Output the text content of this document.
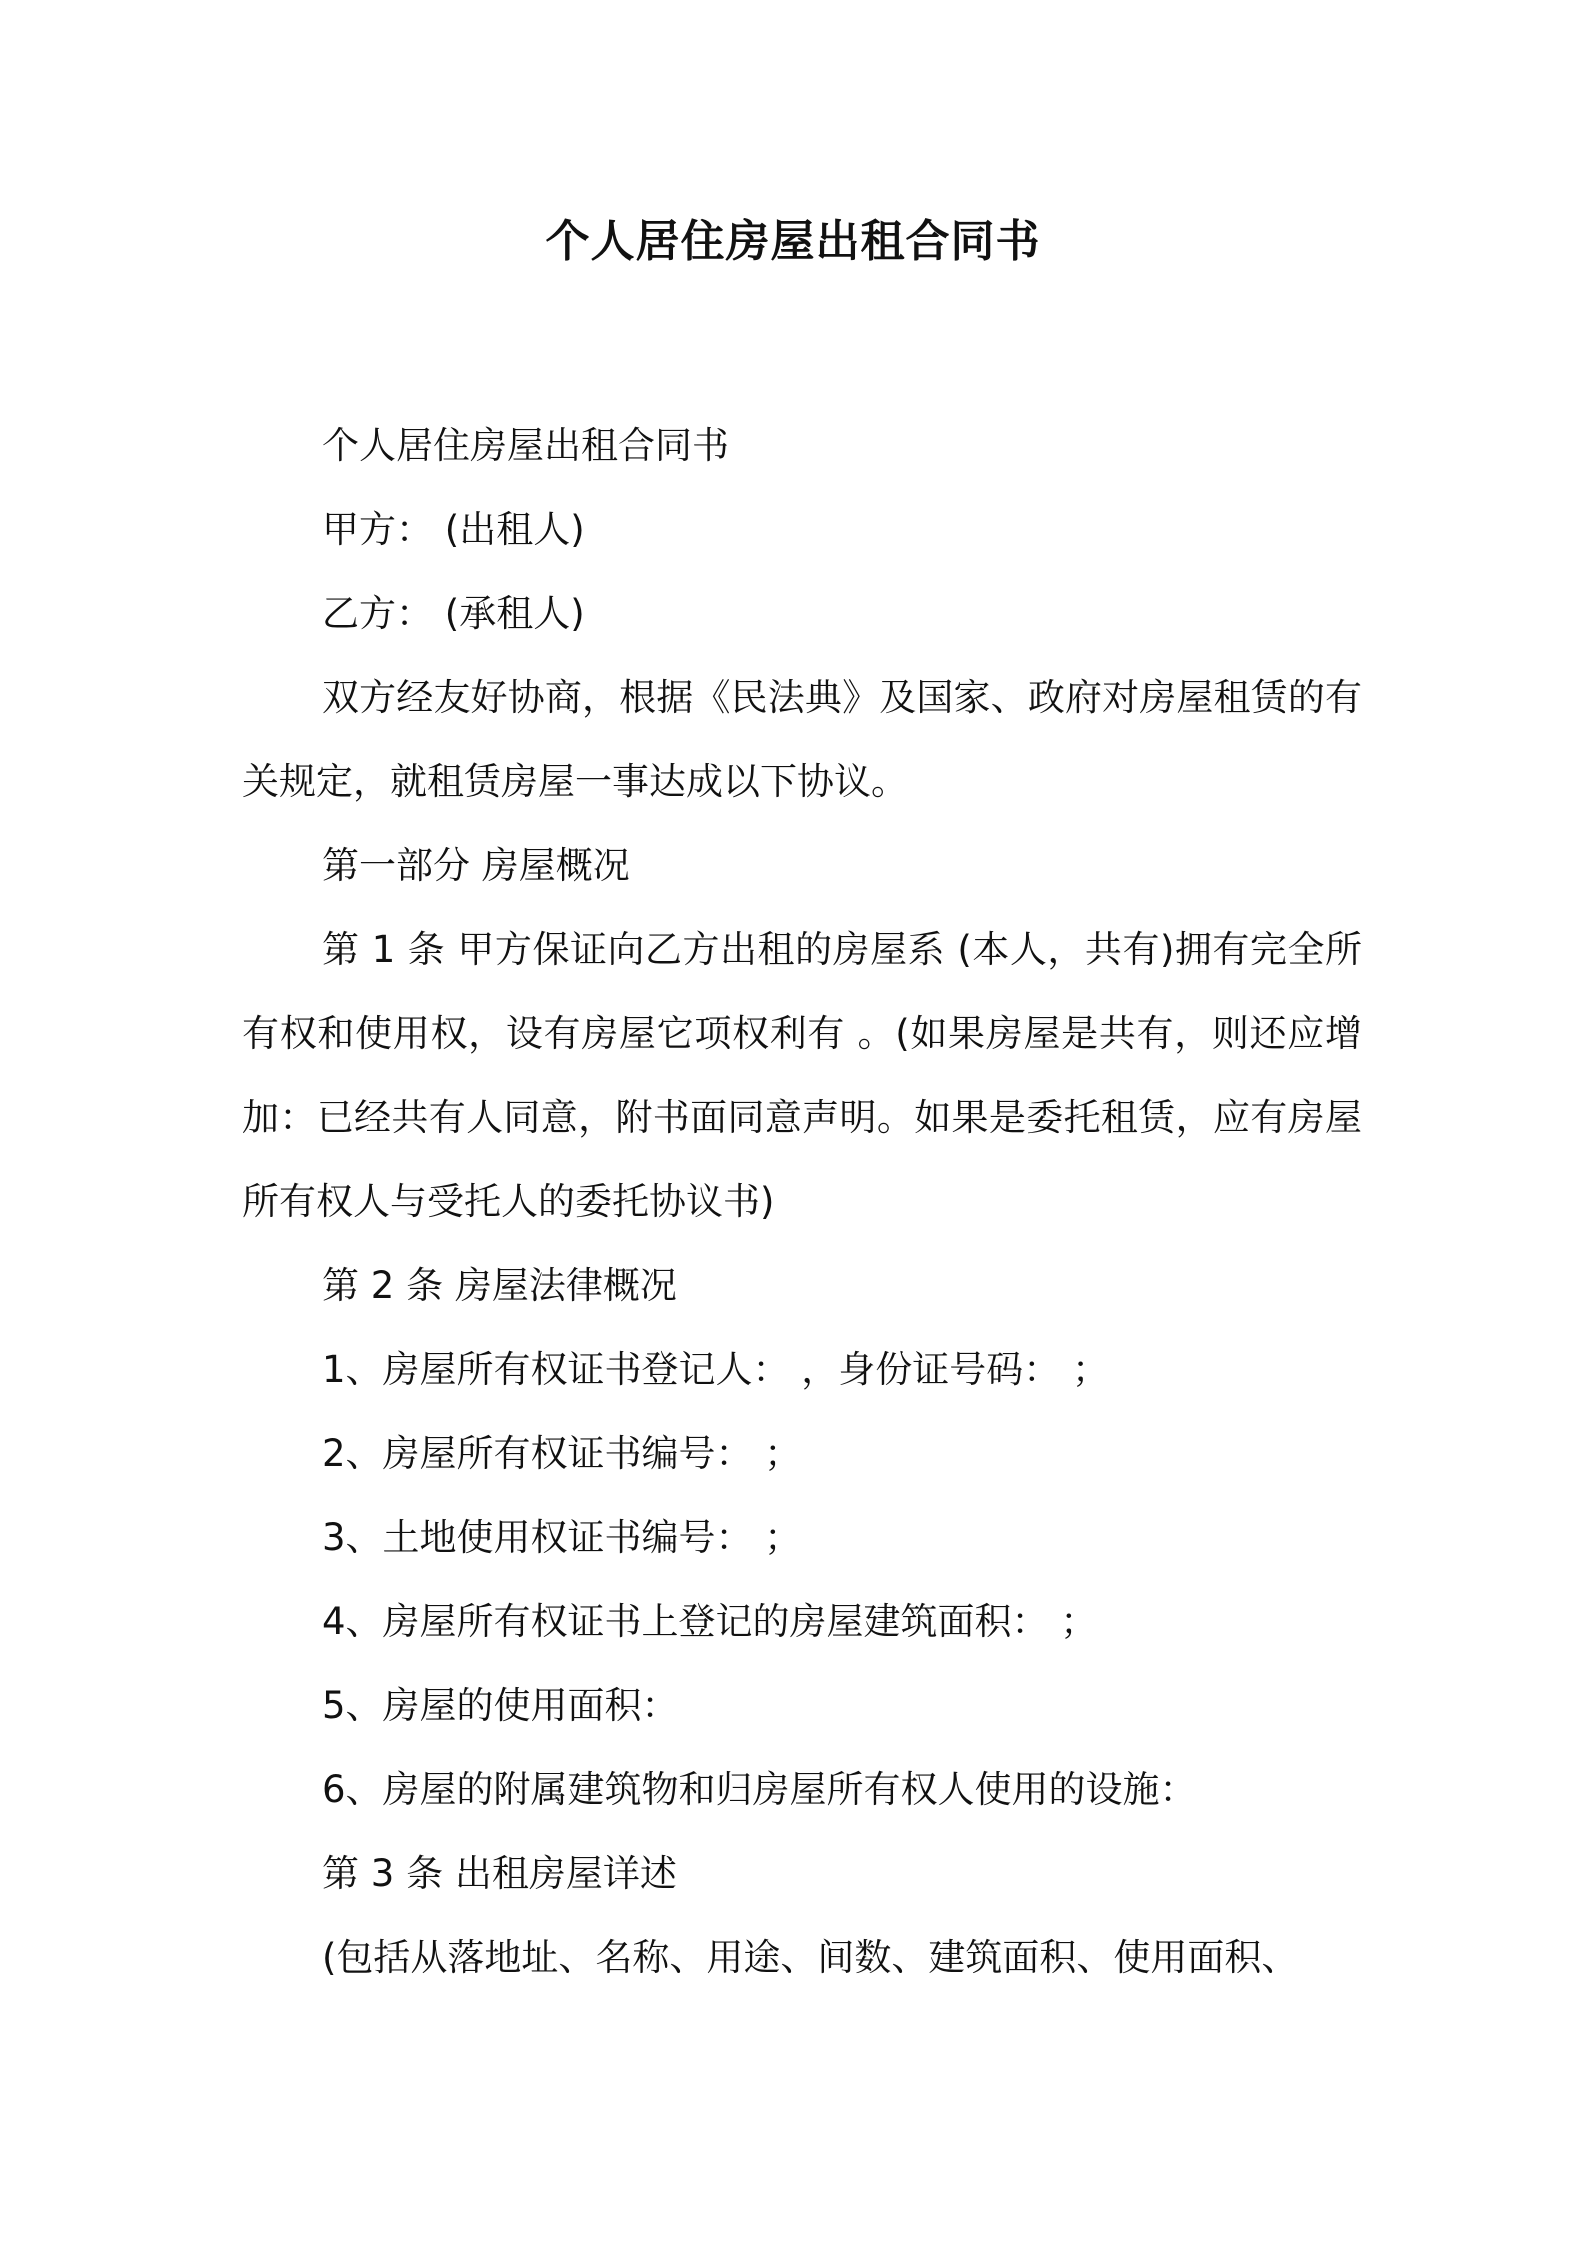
个人居住房屋出租合同书

个人居住房屋出租合同书

甲方： (出租人)

乙方： (承租人)

双方经友好协商，根据《民法典》及国家、政府对房屋租赁的有关规定，就租赁房屋一事达成以下协议。

第一部分 房屋概况

第 1 条 甲方保证向乙方出租的房屋系 (本人，共有)拥有完全所有权和使用权，设有房屋它项权利有 。(如果房屋是共有，则还应增加：已经共有人同意，附书面同意声明。如果是委托租赁，应有房屋所有权人与受托人的委托协议书)

第 2 条 房屋法律概况

1、房屋所有权证书登记人： ，身份证号码： ；

2、房屋所有权证书编号： ；

3、土地使用权证书编号： ；

4、房屋所有权证书上登记的房屋建筑面积： ；

5、房屋的使用面积：

6、房屋的附属建筑物和归房屋所有权人使用的设施：

第 3 条 出租房屋详述

(包括从落地址、名称、用途、间数、建筑面积、使用面积、
